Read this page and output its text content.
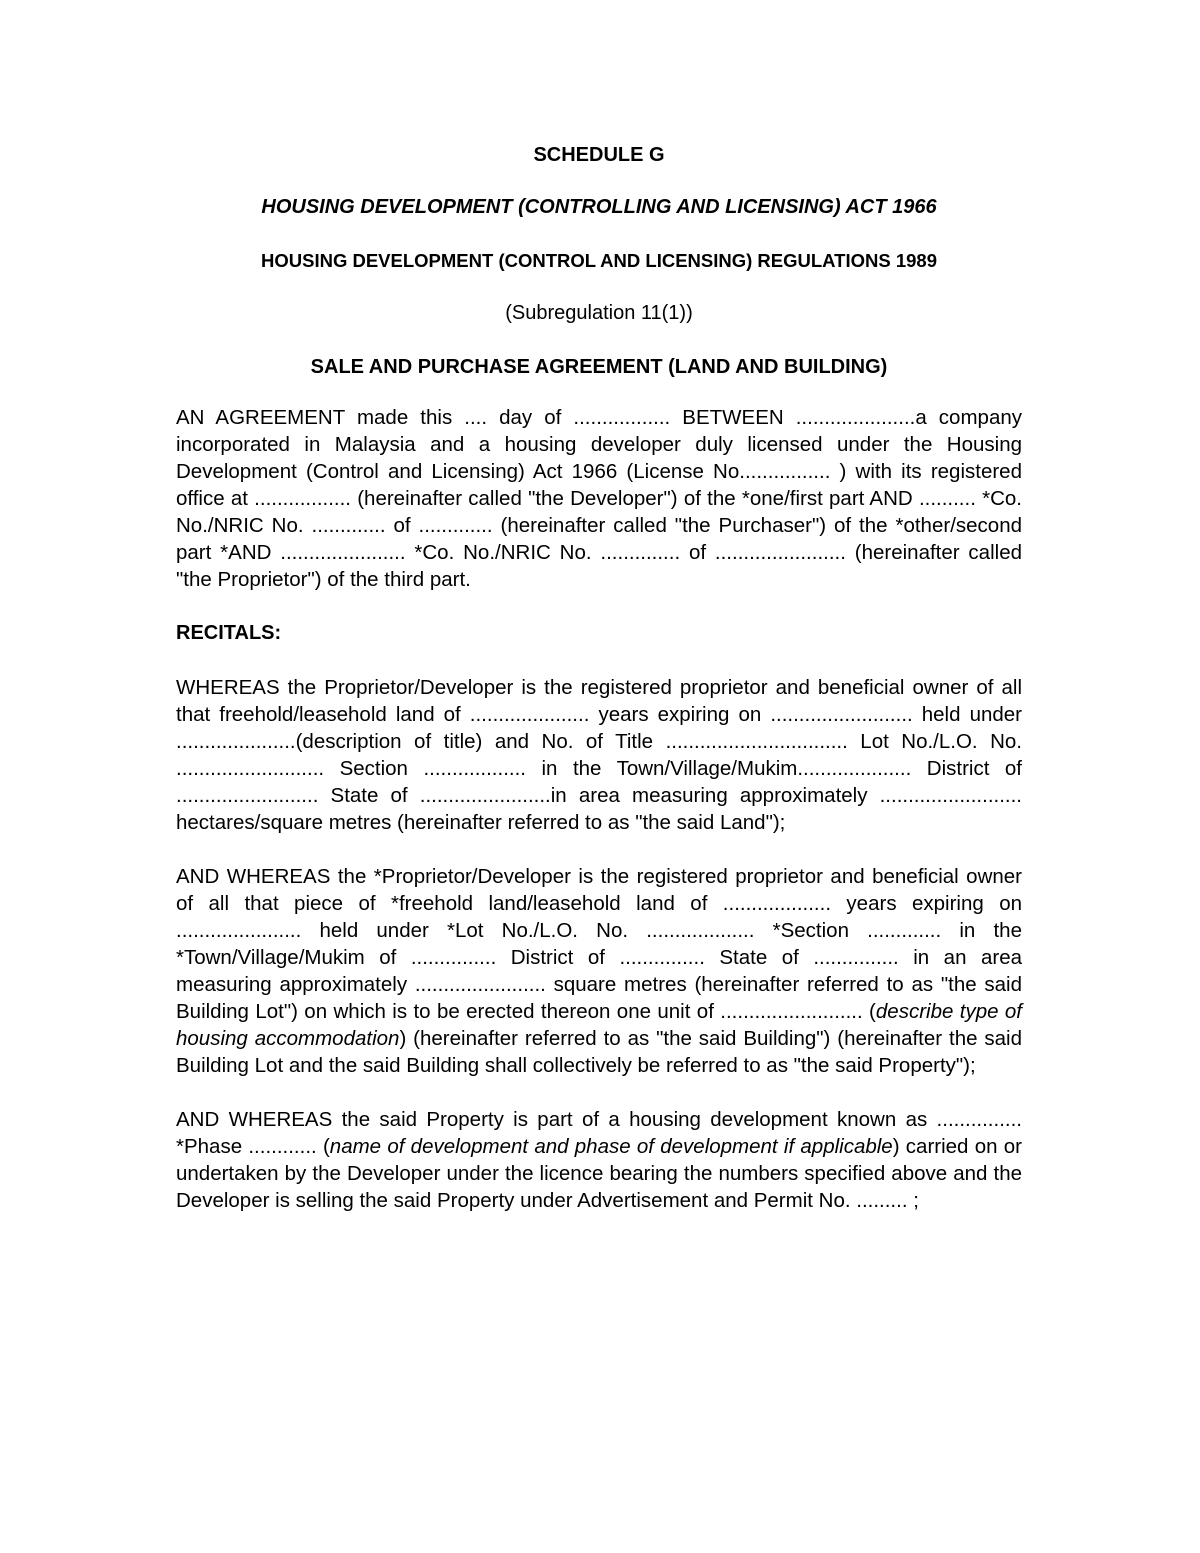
SCHEDULE G
HOUSING DEVELOPMENT (CONTROLLING AND LICENSING) ACT 1966
HOUSING DEVELOPMENT (CONTROL AND LICENSING) REGULATIONS 1989
(Subregulation 11(1))
SALE AND PURCHASE AGREEMENT (LAND AND BUILDING)

AN AGREEMENT made this .... day of ................. BETWEEN .....................a company incorporated in Malaysia and a housing developer duly licensed under the Housing Development (Control and Licensing) Act 1966 (License No................ ) with its registered office at ................. (hereinafter called "the Developer") of the *one/first part AND .......... *Co. No./NRIC No. ............. of ............. (hereinafter called "the Purchaser") of the *other/second part *AND ...................... *Co. No./NRIC No. .............. of ....................... (hereinafter called "the Proprietor") of the third part.

RECITALS:

WHEREAS the Proprietor/Developer is the registered proprietor and beneficial owner of all that freehold/leasehold land of ..................... years expiring on ......................... held under .....................(description of title) and No. of Title ................................ Lot No./L.O. No. .......................... Section .................. in the Town/Village/Mukim.................... District of ......................... State of .......................in area measuring approximately ......................... hectares/square metres (hereinafter referred to as "the said Land");

AND WHEREAS the *Proprietor/Developer is the registered proprietor and beneficial owner of all that piece of *freehold land/leasehold land of ................... years expiring on ...................... held under *Lot No./L.O. No. ................... *Section ............. in the *Town/Village/Mukim of ............... District of ............... State of ............... in an area measuring approximately ....................... square metres (hereinafter referred to as "the said Building Lot") on which is to be erected thereon one unit of ......................... (describe type of housing accommodation) (hereinafter referred to as "the said Building") (hereinafter the said Building Lot and the said Building shall collectively be referred to as "the said Property");

AND WHEREAS the said Property is part of a housing development known as ............... *Phase ............ (name of development and phase of development if applicable) carried on or undertaken by the Developer under the licence bearing the numbers specified above and the Developer is selling the said Property under Advertisement and Permit No. ......... ;
